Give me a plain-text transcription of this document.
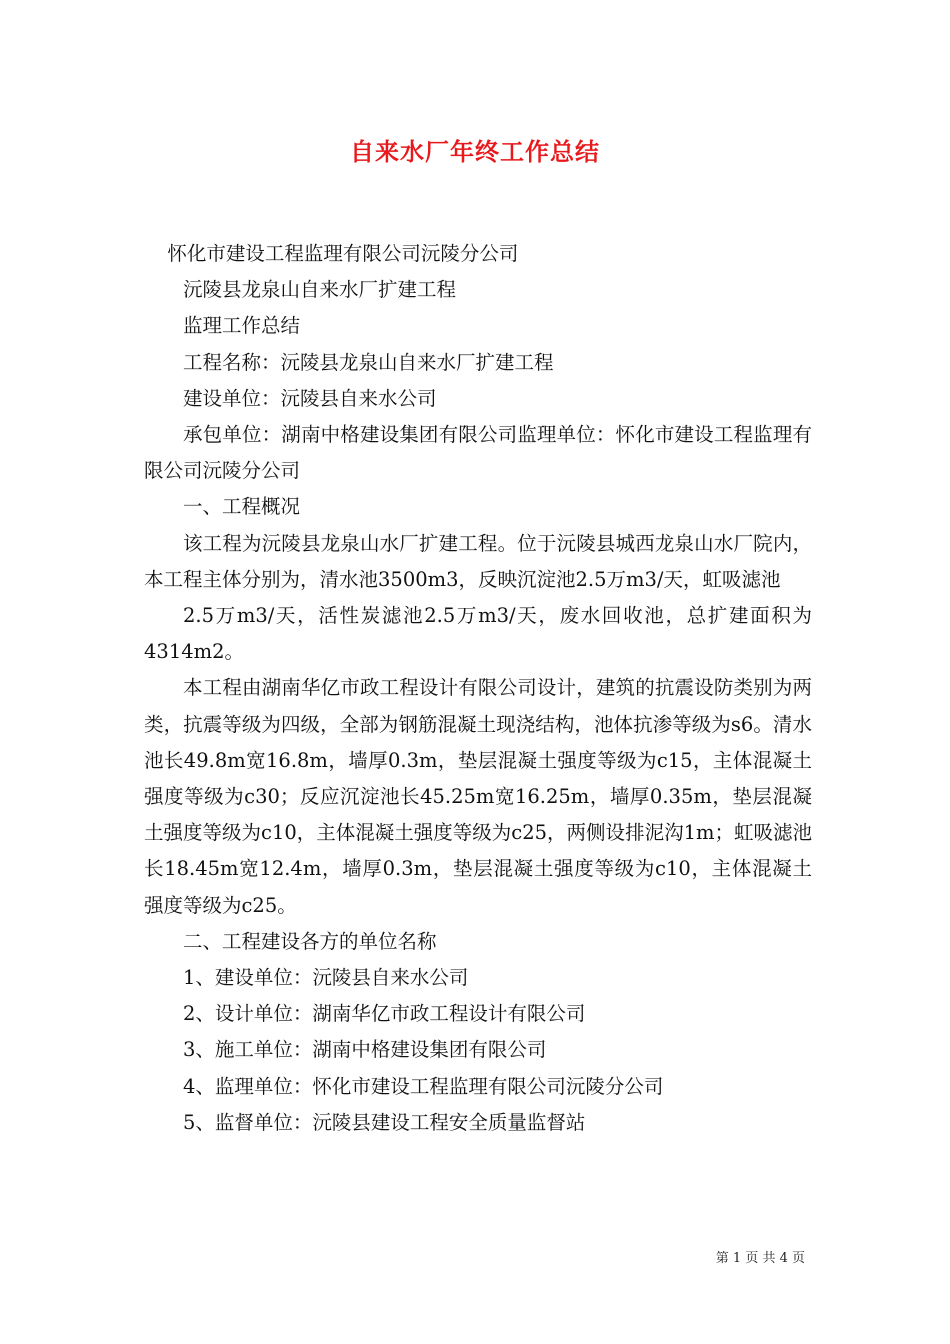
自来水厂年终工作总结

怀化市建设工程监理有限公司沅陵分公司

沅陵县龙泉山自来水厂扩建工程

监理工作总结

工程名称：沅陵县龙泉山自来水厂扩建工程

建设单位：沅陵县自来水公司

承包单位：湖南中格建设集团有限公司监理单位：怀化市建设工程监理有限公司沅陵分公司

一、工程概况

该工程为沅陵县龙泉山水厂扩建工程。位于沅陵县城西龙泉山水厂院内，本工程主体分别为，清水池3500m3，反映沉淀池2.5万m3/天，虹吸滤池

2.5万m3/天，活性炭滤池2.5万m3/天，废水回收池，总扩建面积为4314m2。

本工程由湖南华亿市政工程设计有限公司设计，建筑的抗震设防类别为两类，抗震等级为四级，全部为钢筋混凝土现浇结构，池体抗渗等级为s6。清水池长49.8m宽16.8m，墙厚0.3m，垫层混凝土强度等级为c15，主体混凝土强度等级为c30；反应沉淀池长45.25m宽16.25m，墙厚0.35m，垫层混凝土强度等级为c10，主体混凝土强度等级为c25，两侧设排泥沟1m；虹吸滤池长18.45m宽12.4m，墙厚0.3m，垫层混凝土强度等级为c10，主体混凝土强度等级为c25。

二、工程建设各方的单位名称

1、建设单位：沅陵县自来水公司

2、设计单位：湖南华亿市政工程设计有限公司

3、施工单位：湖南中格建设集团有限公司

4、监理单位：怀化市建设工程监理有限公司沅陵分公司

5、监督单位：沅陵县建设工程安全质量监督站

第 1 页 共 4 页
